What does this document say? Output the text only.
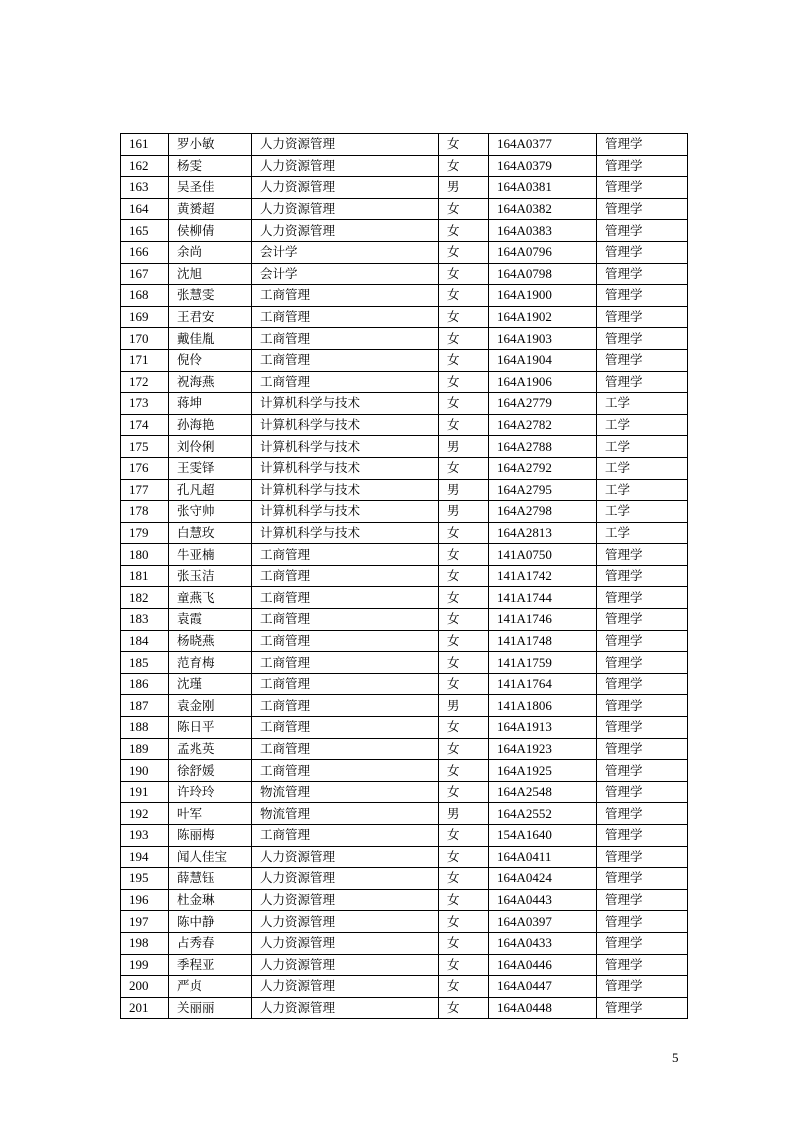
161	罗小敏	人力资源管理	女	164A0377	管理学
162	杨雯	人力资源管理	女	164A0379	管理学
163	吴圣佳	人力资源管理	男	164A0381	管理学
164	黄赟超	人力资源管理	女	164A0382	管理学
165	侯柳倩	人力资源管理	女	164A0383	管理学
166	余尚	会计学	女	164A0796	管理学
167	沈旭	会计学	女	164A0798	管理学
168	张慧雯	工商管理	女	164A1900	管理学
169	王君安	工商管理	女	164A1902	管理学
170	戴佳胤	工商管理	女	164A1903	管理学
171	倪伶	工商管理	女	164A1904	管理学
172	祝海燕	工商管理	女	164A1906	管理学
173	蒋坤	计算机科学与技术	女	164A2779	工学
174	孙海艳	计算机科学与技术	女	164A2782	工学
175	刘伶俐	计算机科学与技术	男	164A2788	工学
176	王雯铎	计算机科学与技术	女	164A2792	工学
177	孔凡超	计算机科学与技术	男	164A2795	工学
178	张守帅	计算机科学与技术	男	164A2798	工学
179	白慧玫	计算机科学与技术	女	164A2813	工学
180	牛亚楠	工商管理	女	141A0750	管理学
181	张玉洁	工商管理	女	141A1742	管理学
182	童燕飞	工商管理	女	141A1744	管理学
183	袁霞	工商管理	女	141A1746	管理学
184	杨晓燕	工商管理	女	141A1748	管理学
185	范育梅	工商管理	女	141A1759	管理学
186	沈瑾	工商管理	女	141A1764	管理学
187	袁金刚	工商管理	男	141A1806	管理学
188	陈日平	工商管理	女	164A1913	管理学
189	孟兆英	工商管理	女	164A1923	管理学
190	徐舒媛	工商管理	女	164A1925	管理学
191	许玲玲	物流管理	女	164A2548	管理学
192	叶军	物流管理	男	164A2552	管理学
193	陈丽梅	工商管理	女	154A1640	管理学
194	闻人佳宝	人力资源管理	女	164A0411	管理学
195	薛慧钰	人力资源管理	女	164A0424	管理学
196	杜金琳	人力资源管理	女	164A0443	管理学
197	陈中静	人力资源管理	女	164A0397	管理学
198	占秀春	人力资源管理	女	164A0433	管理学
199	季程亚	人力资源管理	女	164A0446	管理学
200	严贞	人力资源管理	女	164A0447	管理学
201	关丽丽	人力资源管理	女	164A0448	管理学
5
